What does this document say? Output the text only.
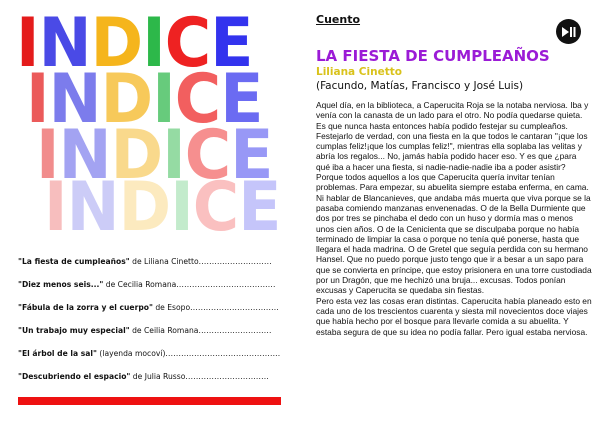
I N D I C E
I N D I C E
I N D I C E
I N D I C E
"La fiesta de cumpleaños" de Liliana Cinetto............................
"Diez menos seis..." de Cecilia Romana......................................
"Fábula de la zorra y el cuerpo" de Esopo..................................
"Un trabajo muy especial" de Ceilia Romana............................
"El árbol de la sal" (layenda mocoví)............................................
"Descubriendo el espacio" de Julia Russo................................
Cuento
LA FIESTA DE CUMPLEAÑOS
Liliana Cinetto
(Facundo, Matías, Francisco y José Luis)

Aquel día, en la biblioteca, a Caperucita Roja se la notaba nerviosa. Iba y venía con la canasta de un lado para el otro. No podía quedarse quieta. Es que nunca hasta entonces había podido festejar su cumpleaños. Festejarlo de verdad, con una fiesta en la que todos le cantaran "¡que los cumplas feliz!¡que los cumplas feliz!", mientras ella soplaba las velitas y abría los regalos... No, jamás había podido hacer eso. Y es que ¿para qué iba a hacer una fiesta, si nadie-nadie-nadie iba a poder asistir? Porque todos aquellos a los que Caperucita quería invitar tenían problemas. Para empezar, su abuelita siempre estaba enferma, en cama. Ni hablar de Blancanieves, que andaba más muerta que viva porque se la pasaba comiendo manzanas envenenadas. O de la Bella Durmiente que dos por tres se pinchaba el dedo con un huso y dormía mas o menos unos cien años. O de la Cenicienta que se disculpaba porque no había terminado de limpiar la casa o porque no tenía qué ponerse, hasta que llegara el hada madrina. O de Gretel que seguía perdida con su hermano Hansel. Que no puedo porque justo tengo que ir a besar a un sapo para que se convierta en príncipe, que estoy prisionera en una torre custodiada por un Dragón, que me hechizó una bruja... excusas. Todos ponían excusas y Caperucita se quedaba sin fiestas.

Pero esta vez las cosas eran distintas. Caperucita había planeado esto en cada uno de los trescientos cuarenta y siesta mil novecientos doce viajes que había hecho por el bosque para llevarle comida a su abuelita. Y estaba segura de que su idea no podía fallar. Pero igual estaba nerviosa.
